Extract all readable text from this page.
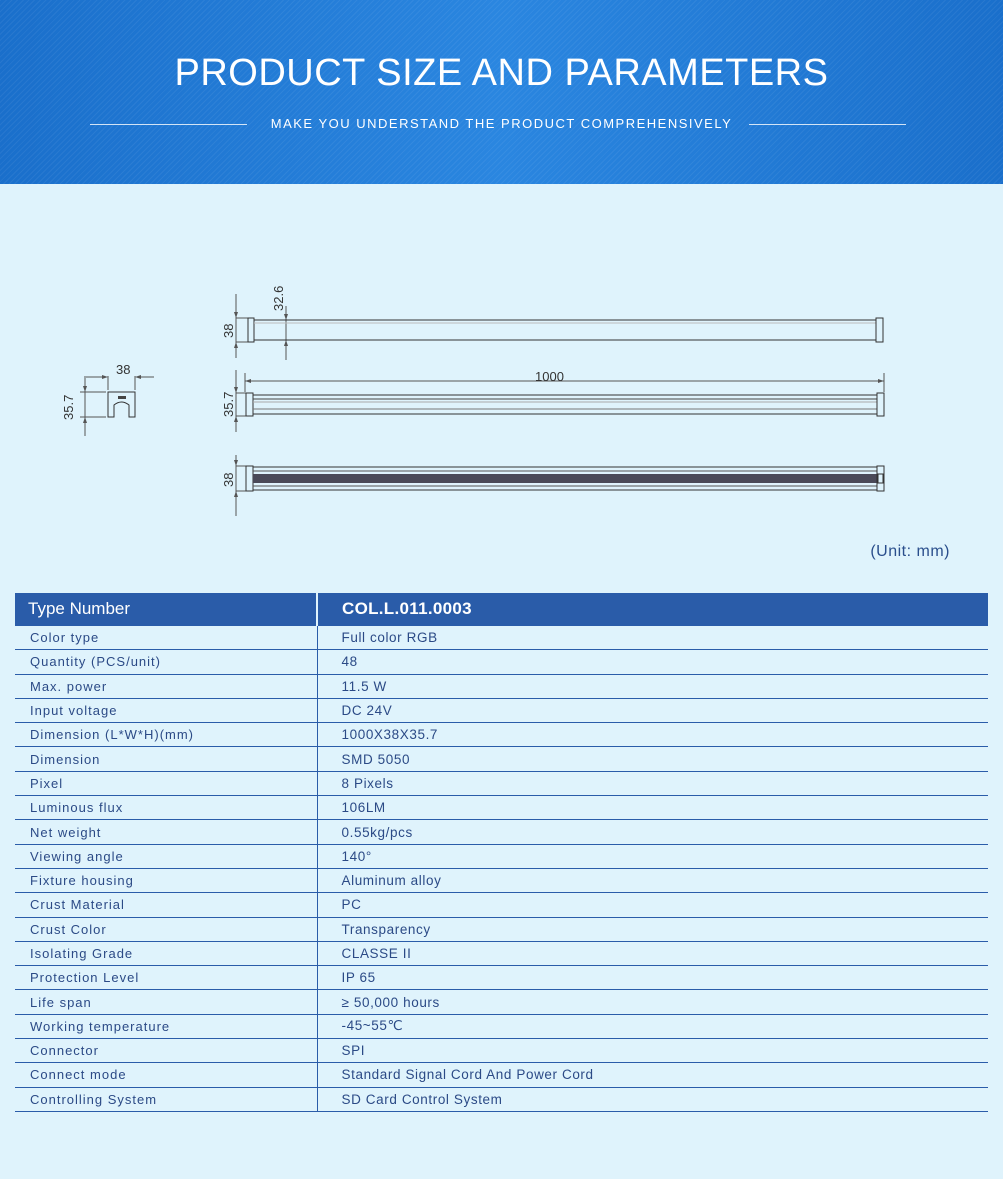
PRODUCT SIZE AND PARAMETERS
MAKE YOU UNDERSTAND THE PRODUCT COMPREHENSIVELY
38
35.7
38
32.6
1000
35.7
38
(Unit: mm)
Type Number	COL.L.011.0003
Color type	Full color RGB
Quantity (PCS/unit)	48
Max. power	11.5 W
Input voltage	DC 24V
Dimension (L*W*H)(mm)	1000X38X35.7
Dimension	SMD 5050
Pixel	8 Pixels
Luminous flux	106LM
Net weight	0.55kg/pcs
Viewing angle	140°
Fixture housing	Aluminum alloy
Crust Material	PC
Crust Color	Transparency
Isolating Grade	CLASSE II
Protection Level	IP 65
Life span	≥ 50,000 hours
Working temperature	-45~55℃
Connector	SPI
Connect mode	Standard Signal Cord And Power Cord
Controlling System	SD Card Control System
